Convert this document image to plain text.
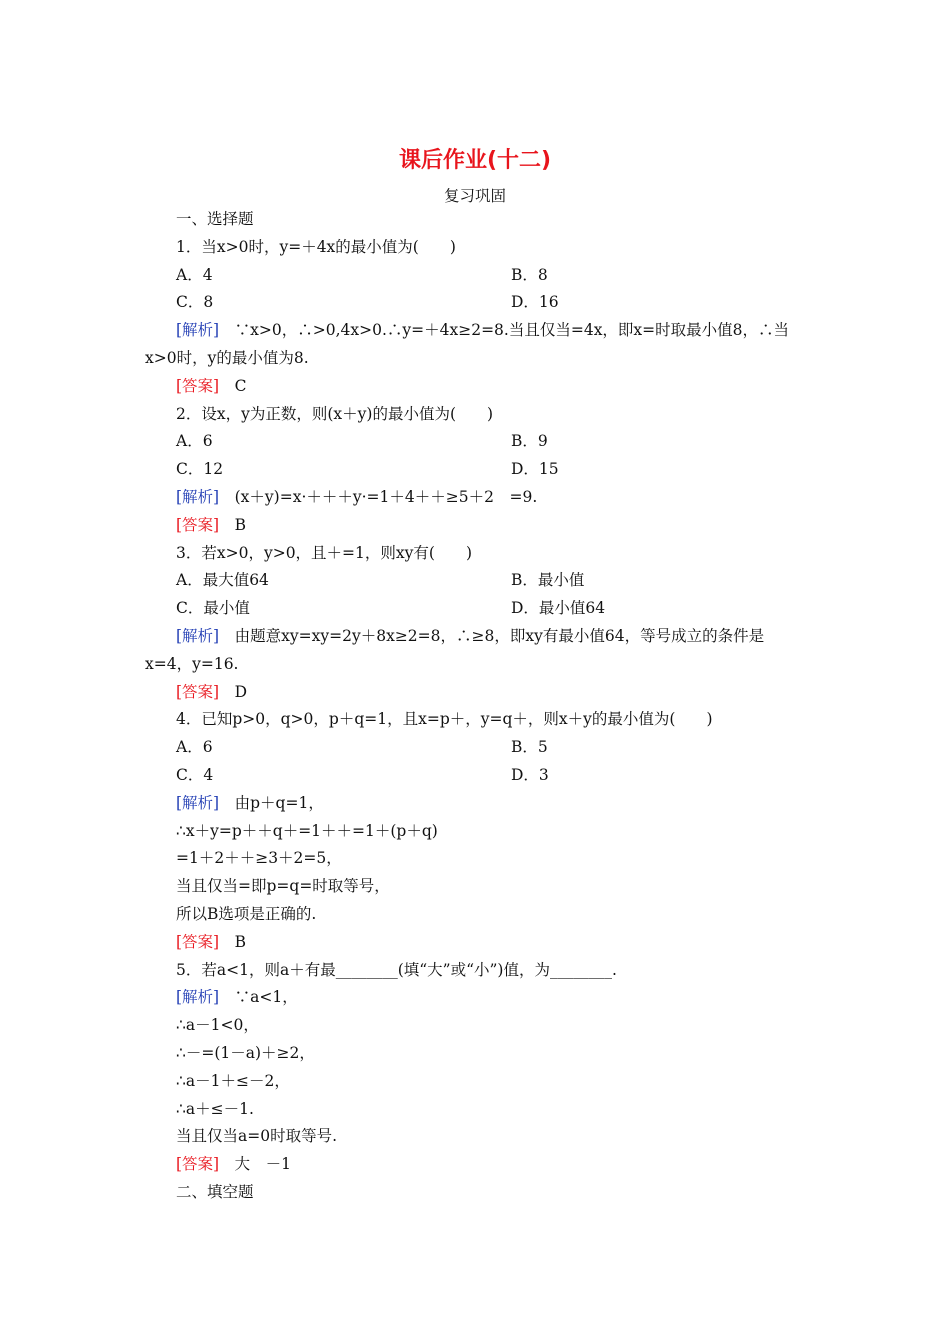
课后作业(十二)
复习巩固
一、选择题
1．当x>0时，y=＋4x的最小值为(　　)
A．4	B．8
C．8	D．16
[解析]　 ∵x>0，∴>0,4x>0.∴y=＋4x≥2=8.当且仅当=4x，即x=时取最小值8，∴当x>0时，y的最小值为8.
[答案]　 C
2．设x，y为正数，则(x＋y)的最小值为(　　)
A．6	B．9
C．12	D．15
[解析]　 (x＋y)=x·＋＋＋y·=1＋4＋＋≥5＋2　=9.
[答案]　 B
3．若x>0，y>0，且＋=1，则xy有(　　)
A．最大值64	B．最小值
C．最小值	D．最小值64
[解析]　 由题意xy=xy=2y＋8x≥2=8，∴≥8，即xy有最小值64，等号成立的条件是x=4，y=16.
[答案]　 D
4．已知p>0，q>0，p＋q=1，且x=p＋，y=q＋，则x＋y的最小值为(　　)
A．6	B．5
C．4	D．3
[解析]　 由p＋q=1，
∴x＋y=p＋＋q＋=1＋＋=1＋(p＋q)
=1＋2＋＋≥3＋2=5，
当且仅当=即p=q=时取等号，
所以B选项是正确的.
[答案]　 B
5．若a<1，则a＋有最________(填“大”或“小”)值，为________.
[解析]　 ∵a<1，
∴a－1<0，
∴－=(1－a)＋≥2，
∴a－1＋≤－2，
∴a＋≤－1.
当且仅当a=0时取等号.
[答案]　 大　－1
二、填空题
